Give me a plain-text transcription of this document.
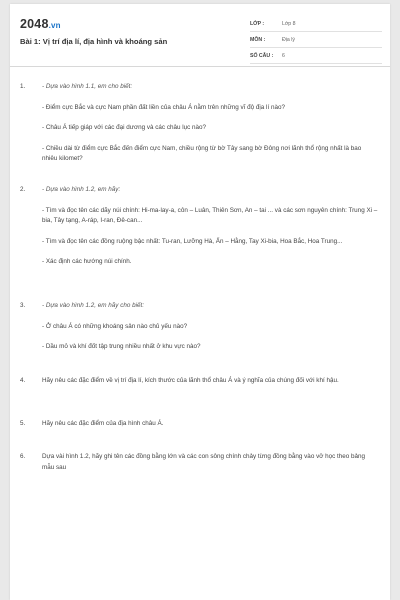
2048.vn
Bài 1: Vị trí địa lí, địa hình và khoáng sản
LỚP :	Lớp 8
MÔN :	Địa lý
SỐ CÂU :	6
1.	- Dựa vào hình 1.1, em cho biết:
- Điểm cực Bắc và cực Nam phần đất liền của châu Á nằm trên những vĩ độ địa lí nào?
- Châu Á tiếp giáp với các đại dương và các châu lục nào?
- Chiều dài từ điểm cực Bắc đến điểm cực Nam, chiều rộng từ bờ Tây sang bờ Đông nơi lãnh thổ rộng nhất là bao nhiêu kilomet?
2.	- Dựa vào hình 1.2, em hãy:
- Tìm và đọc tên các dãy núi chính: Hi-ma-lay-a, côn – Luân, Thiên Sơn, An – tai ... và các sơn nguyên chính: Trung Xi – bia, Tây tạng, A-ráp, I-ran, Đê-can...
- Tìm và đọc tên các đồng ruộng bậc nhất: Tu-ran, Lưỡng Hà, Ấn – Hằng, Tay Xi-bia, Hoa Bắc, Hoa Trung...
- Xác định các hướng núi chính.
3.	- Dựa vào hình 1.2, em hãy cho biết:
- Ở châu Á có những khoáng sản nào chủ yếu nào?
- Dầu mỏ và khí đốt tập trung nhiều nhất ở khu vực nào?
4.	Hãy nêu các đặc điểm về vị trí địa lí, kích thước của lãnh thổ châu Á và ý nghĩa của chúng đối với khí hậu.
5.	Hãy nêu các đặc điểm của địa hình châu Á.
6.	Dựa vài hình 1.2, hãy ghi tên các đồng bằng lớn và các con sông chính chảy từng đồng bằng vào vở học theo bảng mẫu sau
